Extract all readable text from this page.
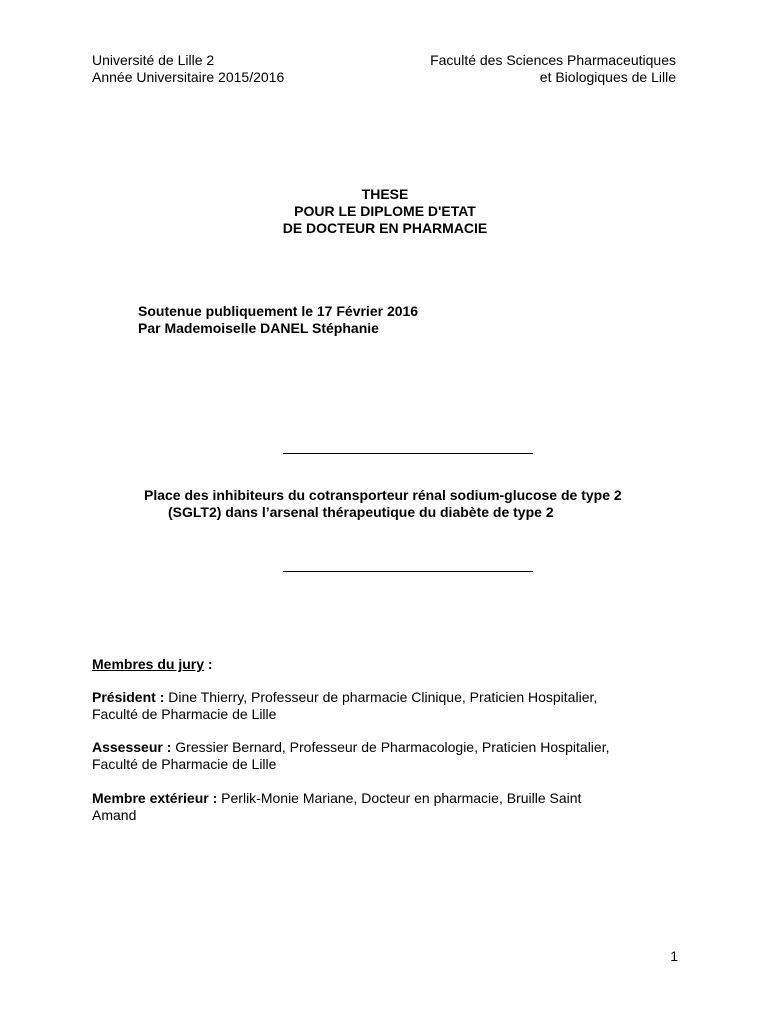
Université de Lille 2
Année Universitaire 2015/2016
Faculté des Sciences Pharmaceutiques
et Biologiques de Lille
THESE
POUR LE DIPLOME D'ETAT
DE DOCTEUR EN PHARMACIE
Soutenue publiquement le 17 Février 2016
Par Mademoiselle DANEL Stéphanie
Place des inhibiteurs du cotransporteur rénal sodium-glucose de type 2
(SGLT2) dans l’arsenal thérapeutique du diabète de type 2
Membres du jury :
Président : Dine Thierry, Professeur de pharmacie Clinique, Praticien Hospitalier,
Faculté de Pharmacie de Lille
Assesseur : Gressier Bernard, Professeur de Pharmacologie, Praticien Hospitalier,
Faculté de Pharmacie de Lille
Membre extérieur : Perlik-Monie Mariane, Docteur en pharmacie, Bruille Saint
Amand
1
